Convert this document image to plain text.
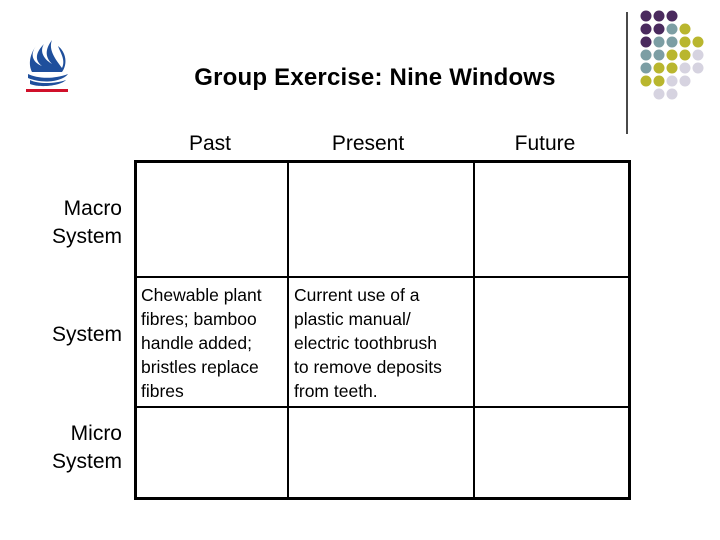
Group Exercise: Nine Windows
Past	Present	Future
Macro
System
System
Micro
System
Chewable plant
fibres; bamboo
handle added;
bristles replace
fibres
Current use of a
plastic manual/
electric toothbrush
to remove deposits
from teeth.
